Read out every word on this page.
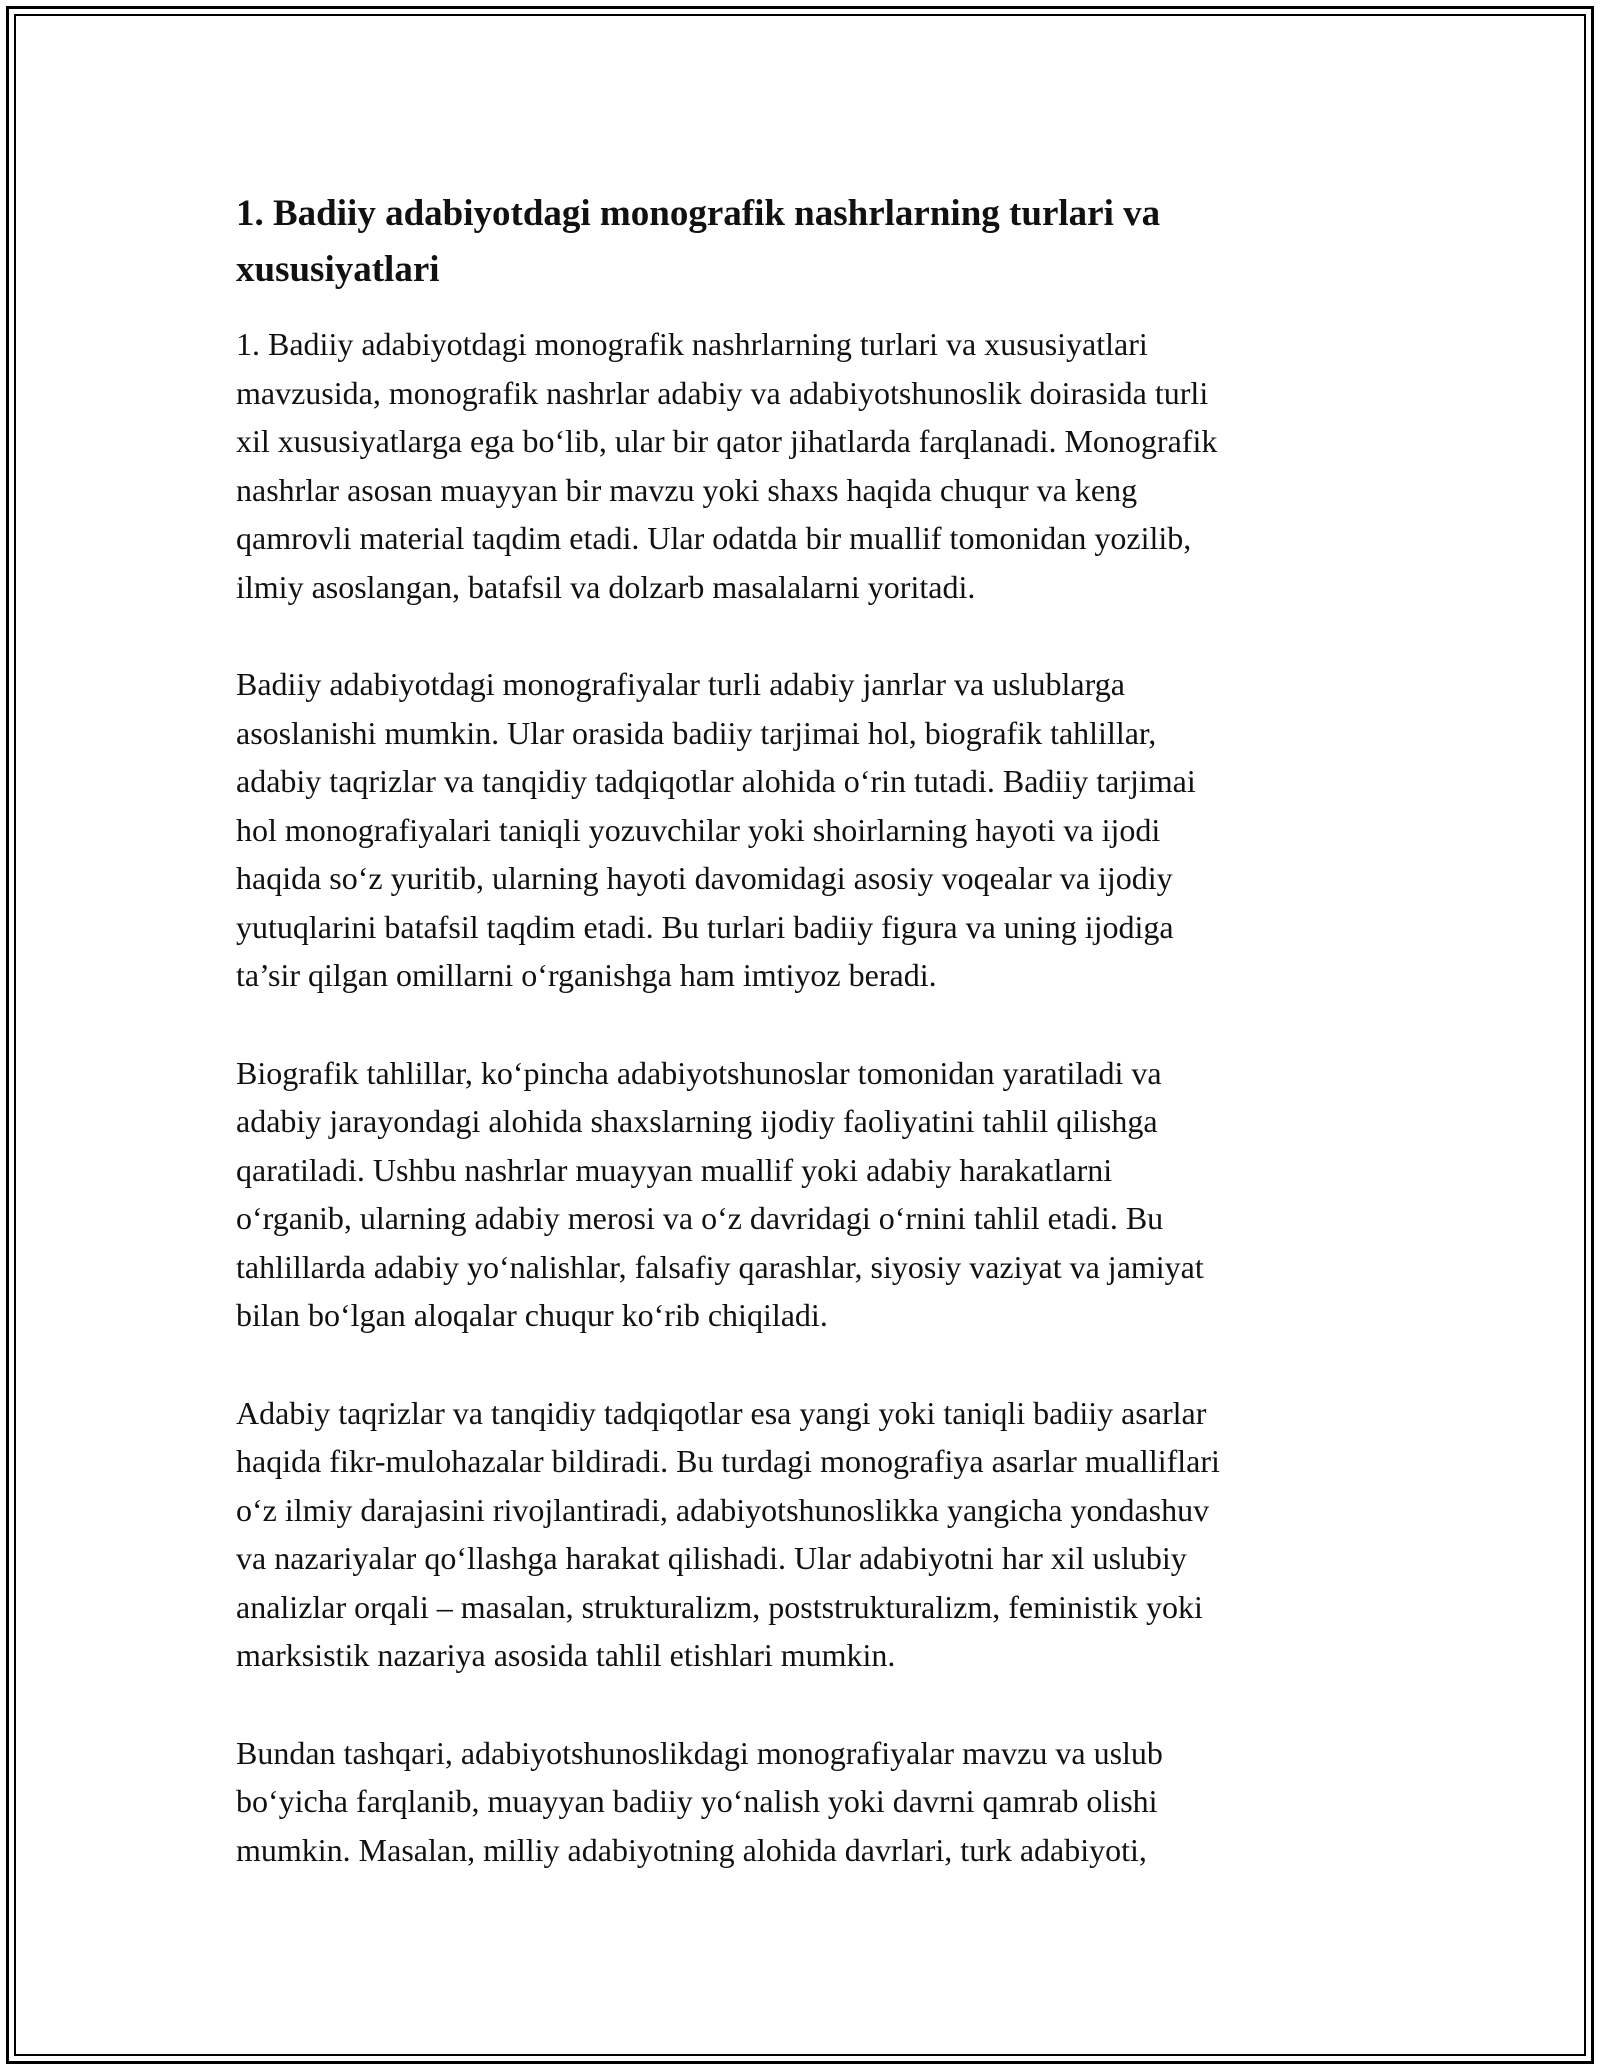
1. Badiiy adabiyotdagi monografik nashrlarning turlari va
xususiyatlari

1. Badiiy adabiyotdagi monografik nashrlarning turlari va xususiyatlari
mavzusida, monografik nashrlar adabiy va adabiyotshunoslik doirasida turli
xil xususiyatlarga ega bo‘lib, ular bir qator jihatlarda farqlanadi. Monografik
nashrlar asosan muayyan bir mavzu yoki shaxs haqida chuqur va keng
qamrovli material taqdim etadi. Ular odatda bir muallif tomonidan yozilib,
ilmiy asoslangan, batafsil va dolzarb masalalarni yoritadi.

Badiiy adabiyotdagi monografiyalar turli adabiy janrlar va uslublarga
asoslanishi mumkin. Ular orasida badiiy tarjimai hol, biografik tahlillar,
adabiy taqrizlar va tanqidiy tadqiqotlar alohida o‘rin tutadi. Badiiy tarjimai
hol monografiyalari taniqli yozuvchilar yoki shoirlarning hayoti va ijodi
haqida so‘z yuritib, ularning hayoti davomidagi asosiy voqealar va ijodiy
yutuqlarini batafsil taqdim etadi. Bu turlari badiiy figura va uning ijodiga
ta’sir qilgan omillarni o‘rganishga ham imtiyoz beradi.

Biografik tahlillar, ko‘pincha adabiyotshunoslar tomonidan yaratiladi va
adabiy jarayondagi alohida shaxslarning ijodiy faoliyatini tahlil qilishga
qaratiladi. Ushbu nashrlar muayyan muallif yoki adabiy harakatlarni
o‘rganib, ularning adabiy merosi va o‘z davridagi o‘rnini tahlil etadi. Bu
tahlillarda adabiy yo‘nalishlar, falsafiy qarashlar, siyosiy vaziyat va jamiyat
bilan bo‘lgan aloqalar chuqur ko‘rib chiqiladi.

Adabiy taqrizlar va tanqidiy tadqiqotlar esa yangi yoki taniqli badiiy asarlar
haqida fikr-mulohazalar bildiradi. Bu turdagi monografiya asarlar mualliflari
o‘z ilmiy darajasini rivojlantiradi, adabiyotshunoslikka yangicha yondashuv
va nazariyalar qo‘llashga harakat qilishadi. Ular adabiyotni har xil uslubiy
analizlar orqali – masalan, strukturalizm, poststrukturalizm, feministik yoki
marksistik nazariya asosida tahlil etishlari mumkin.

Bundan tashqari, adabiyotshunoslikdagi monografiyalar mavzu va uslub
bo‘yicha farqlanib, muayyan badiiy yo‘nalish yoki davrni qamrab olishi
mumkin. Masalan, milliy adabiyotning alohida davrlari, turk adabiyoti,
